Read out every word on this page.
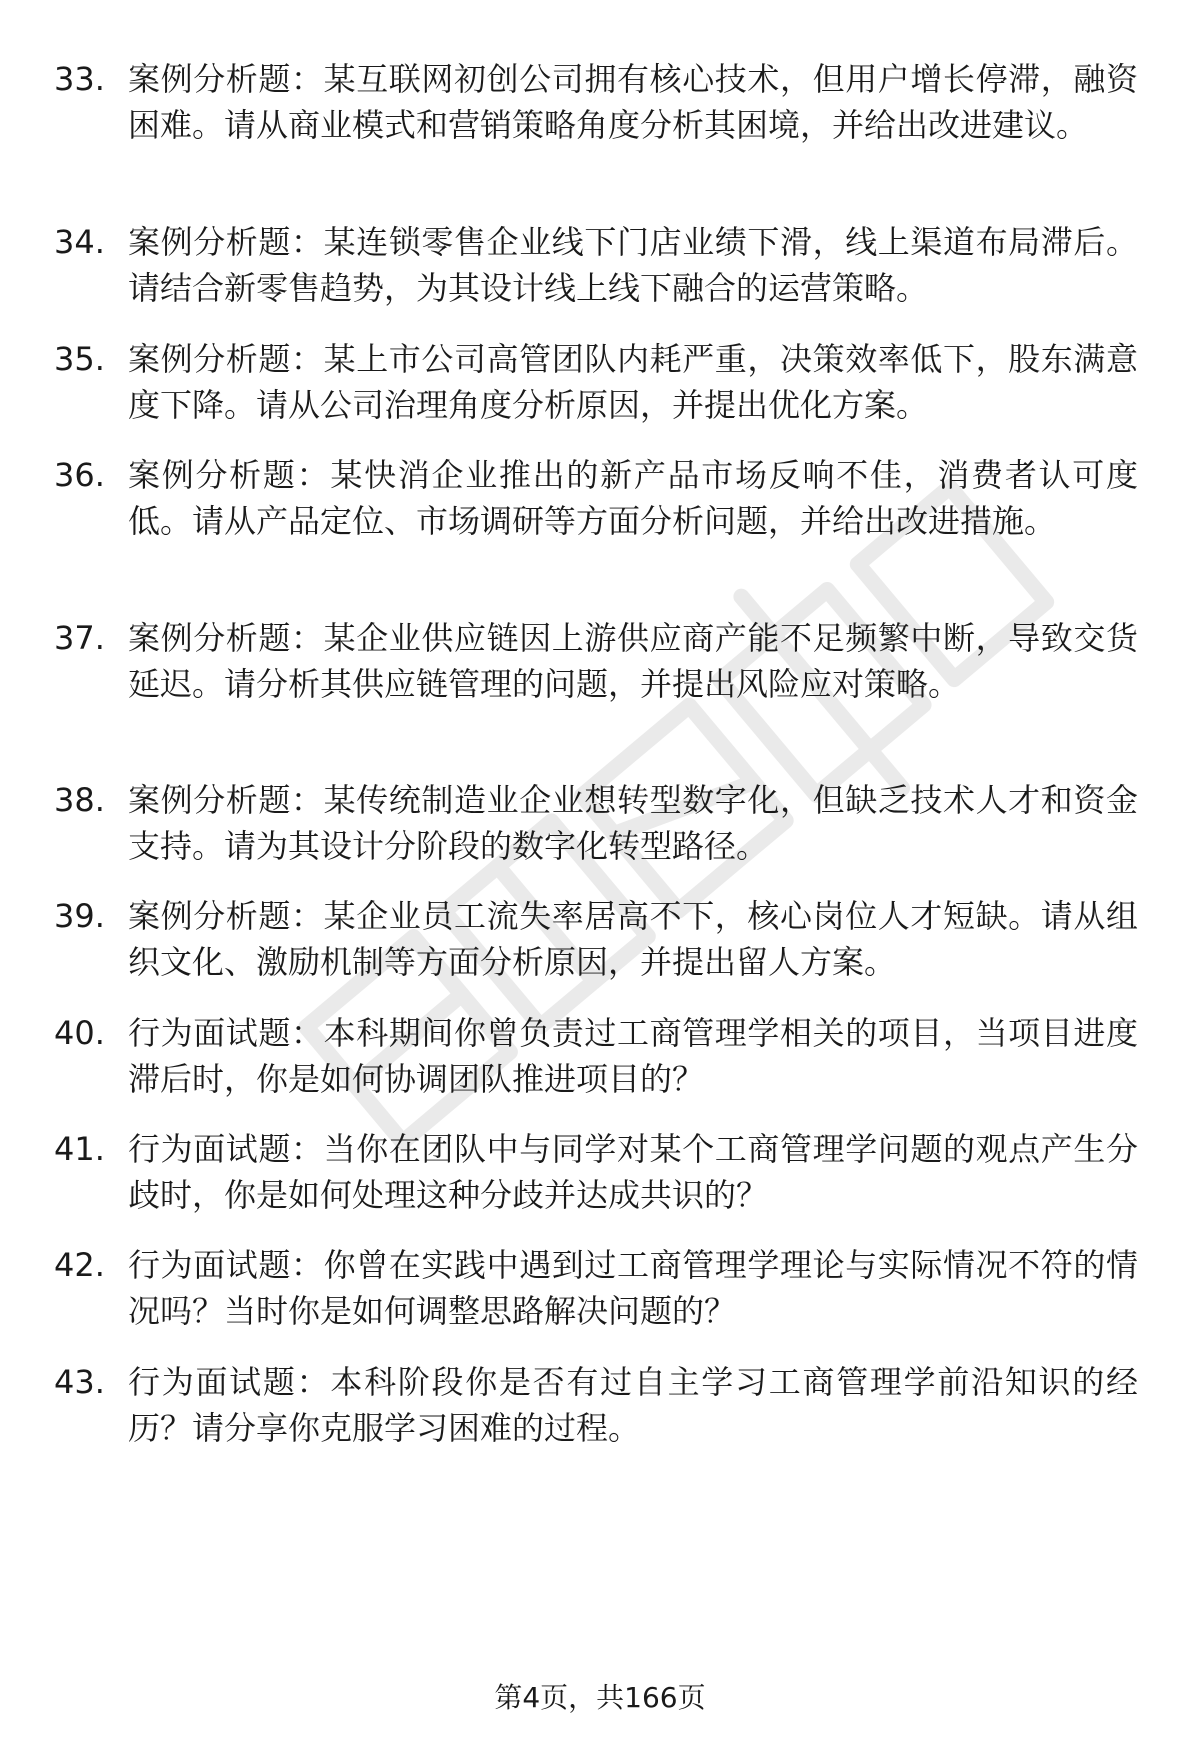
33. 案例分析题：某互联网初创公司拥有核心技术，但用户增长停滞，融资困难。请从商业模式和营销策略角度分析其困境，并给出改进建议。
34. 案例分析题：某连锁零售企业线下门店业绩下滑，线上渠道布局滞后。请结合新零售趋势，为其设计线上线下融合的运营策略。
35. 案例分析题：某上市公司高管团队内耗严重，决策效率低下，股东满意度下降。请从公司治理角度分析原因，并提出优化方案。
36. 案例分析题：某快消企业推出的新产品市场反响不佳，消费者认可度低。请从产品定位、市场调研等方面分析问题，并给出改进措施。
37. 案例分析题：某企业供应链因上游供应商产能不足频繁中断，导致交货延迟。请分析其供应链管理的问题，并提出风险应对策略。
38. 案例分析题：某传统制造业企业想转型数字化，但缺乏技术人才和资金支持。请为其设计分阶段的数字化转型路径。
39. 案例分析题：某企业员工流失率居高不下，核心岗位人才短缺。请从组织文化、激励机制等方面分析原因，并提出留人方案。
40. 行为面试题：本科期间你曾负责过工商管理学相关的项目，当项目进度滞后时，你是如何协调团队推进项目的？
41. 行为面试题：当你在团队中与同学对某个工商管理学问题的观点产生分歧时，你是如何处理这种分歧并达成共识的？
42. 行为面试题：你曾在实践中遇到过工商管理学理论与实际情况不符的情况吗？当时你是如何调整思路解决问题的？
43. 行为面试题：本科阶段你是否有过自主学习工商管理学前沿知识的经历？请分享你克服学习困难的过程。
第4页，共166页
